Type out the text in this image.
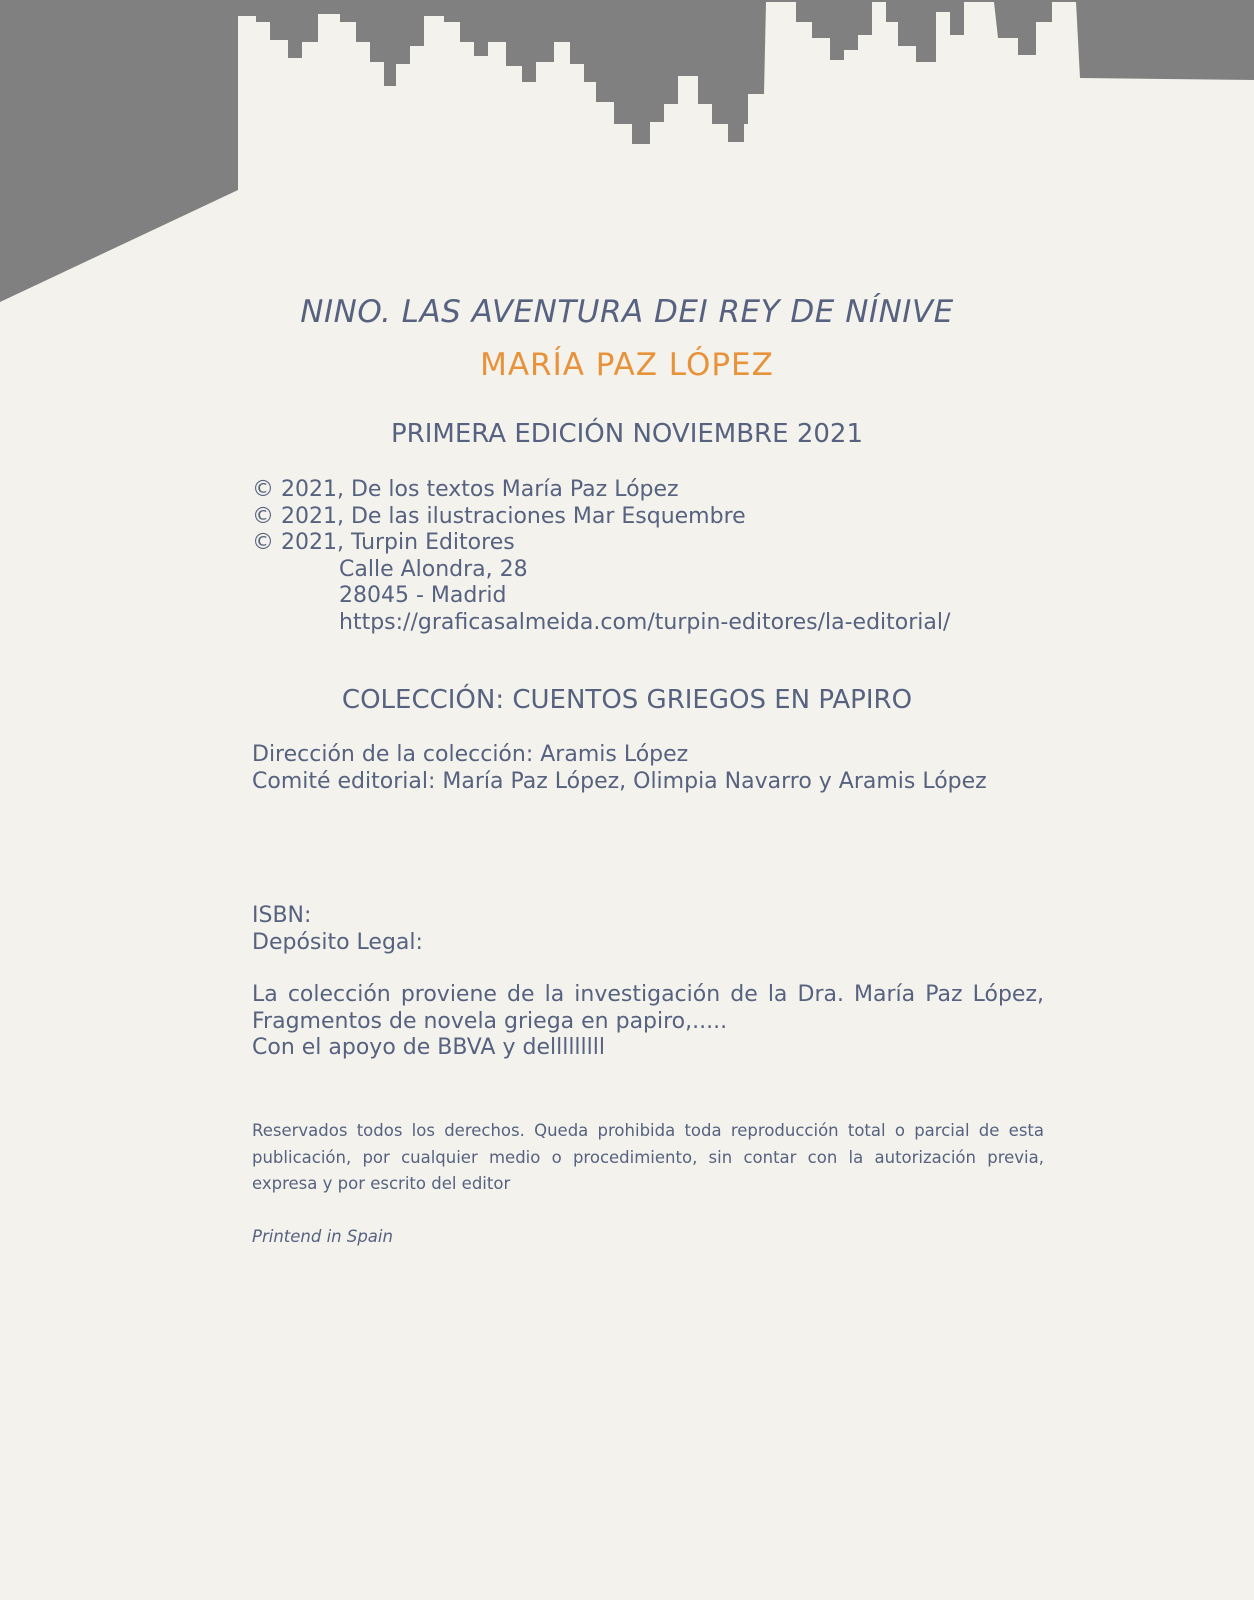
NINO. LAS AVENTURA DEI REY DE NÍNIVE
MARÍA PAZ LÓPEZ
PRIMERA EDICIÓN NOVIEMBRE 2021
© 2021, De los textos María Paz López
© 2021, De las ilustraciones Mar Esquembre
© 2021, Turpin Editores
Calle Alondra, 28
28045 - Madrid
https://graficasalmeida.com/turpin-editores/la-editorial/
COLECCIÓN: CUENTOS GRIEGOS EN PAPIRO
Dirección de la colección: Aramis López
Comité editorial: María Paz López, Olimpia Navarro y Aramis López
ISBN:
Depósito Legal:
La colección proviene de la investigación de la Dra. María Paz López,
Fragmentos de novela griega en papiro,.....
Con el apoyo de BBVA y delllllllll
Reservados todos los derechos. Queda prohibida toda reproducción total o parcial de esta publicación, por cualquier medio o procedimiento, sin contar con la autorización previa, expresa y por escrito del editor
Printend in Spain
